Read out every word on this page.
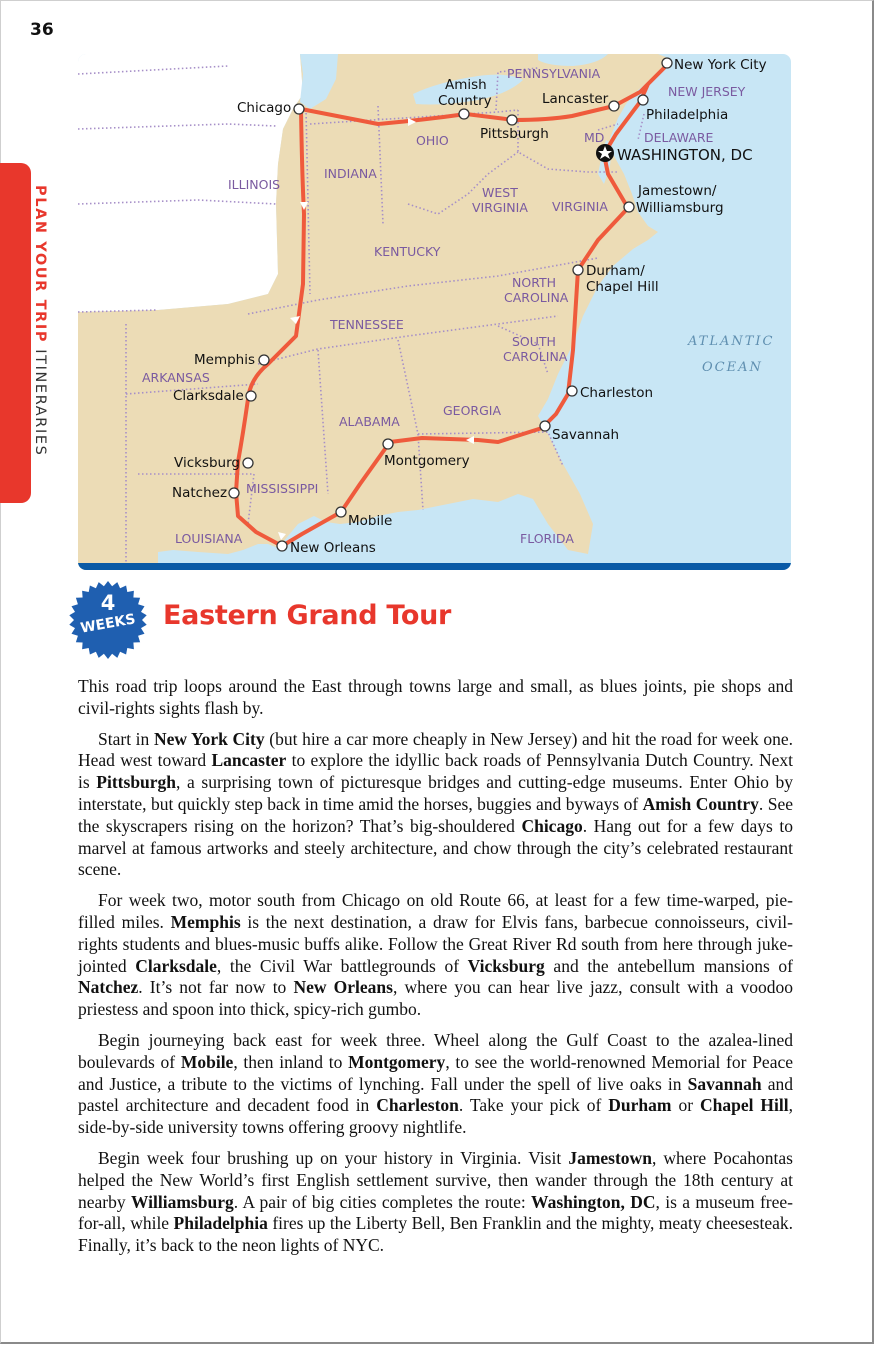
36
PLAN YOUR TRIP ITINERARIES
PENNSYLVANIA
NEW JERSEY
DELAWARE
MD
OHIO
INDIANA
ILLINOIS
KENTUCKY
WEST
VIRGINIA VIRGINIA
NORTH
CAROLINA
TENNESSEE
SOUTH
CAROLINA
ARKANSAS
GEORGIA
ALABAMA
MISSISSIPPI
LOUISIANA	FLORIDA
ATLANTIC
OCEAN
New York City
Philadelphia
Lancaster
WASHINGTON, DC
Pittsburgh
Amish
Country
Chicago
Jamestown/
Williamsburg
Durham/
Chapel Hill
Charleston
Savannah
Montgomery
Mobile
New Orleans
Memphis
Clarksdale
Vicksburg
Natchez
4
WEEKS Eastern Grand Tour

This road trip loops around the East through towns large and small, as blues joints, pie shops and civil-rights sights flash by.

Start in New York City (but hire a car more cheaply in New Jersey) and hit the road for week one. Head west toward Lancaster to explore the idyllic back roads of Pennsylvania Dutch Country. Next is Pittsburgh, a surprising town of picturesque bridges and cutting-edge museums. Enter Ohio by interstate, but quickly step back in time amid the horses, buggies and byways of Amish Country. See the skyscrapers rising on the horizon? That’s big-shouldered Chicago. Hang out for a few days to marvel at famous artworks and steely architecture, and chow through the city’s celebrated restaurant scene.

For week two, motor south from Chicago on old Route 66, at least for a few time-warped, pie-filled miles. Memphis is the next destination, a draw for Elvis fans, barbecue connoisseurs, civil-rights students and blues-music buffs alike. Follow the Great River Rd south from here through juke-jointed Clarksdale, the Civil War battlegrounds of Vicksburg and the antebellum mansions of Natchez. It’s not far now to New Orleans, where you can hear live jazz, consult with a voodoo priestess and spoon into thick, spicy-rich gumbo.

Begin journeying back east for week three. Wheel along the Gulf Coast to the azalea-lined boulevards of Mobile, then inland to Montgomery, to see the world-renowned Memorial for Peace and Justice, a tribute to the victims of lynching. Fall under the spell of live oaks in Savannah and pastel architecture and decadent food in Charleston. Take your pick of Durham or Chapel Hill, side-by-side university towns offering groovy nightlife.

Begin week four brushing up on your history in Virginia. Visit Jamestown, where Pocahontas helped the New World’s first English settlement survive, then wander through the 18th century at nearby Williamsburg. A pair of big cities completes the route: Washington, DC, is a museum free-for-all, while Philadelphia fires up the Liberty Bell, Ben Franklin and the mighty, meaty cheesesteak. Finally, it’s back to the neon lights of NYC.
